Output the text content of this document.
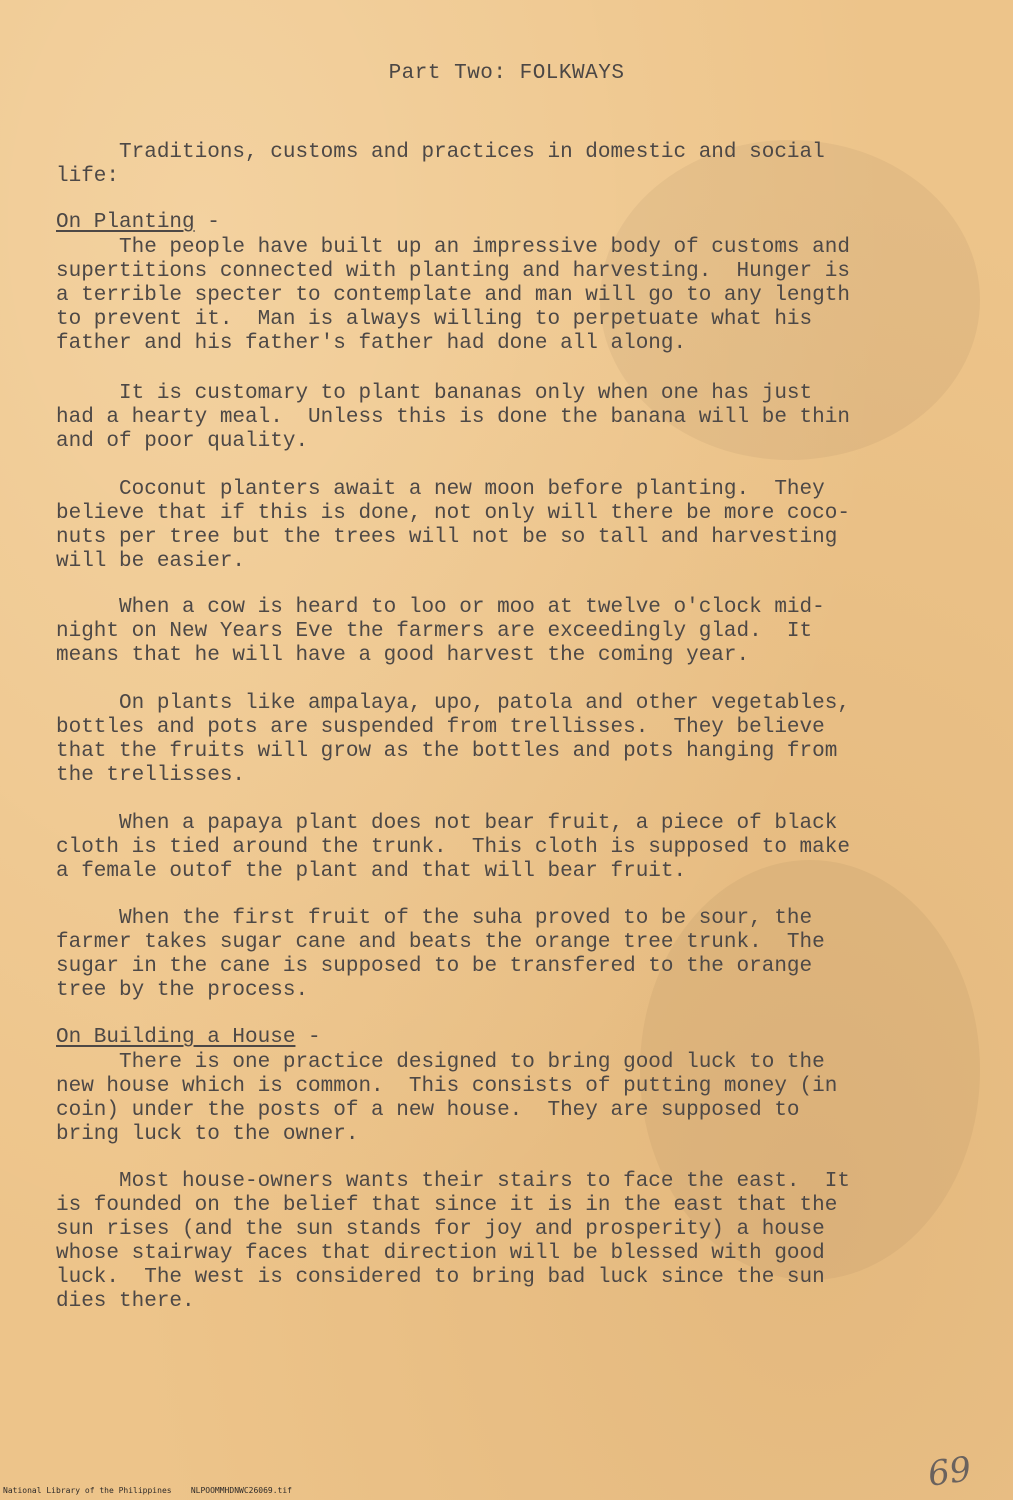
Part Two: FOLKWAYS
Traditions, customs and practices in domestic and social
life:
On Planting -
The people have built up an impressive body of customs and
supertitions connected with planting and harvesting.  Hunger is
a terrible specter to contemplate and man will go to any length
to prevent it.  Man is always willing to perpetuate what his
father and his father's father had done all along.
It is customary to plant bananas only when one has just
had a hearty meal.  Unless this is done the banana will be thin
and of poor quality.
Coconut planters await a new moon before planting.  They
believe that if this is done, not only will there be more coco-
nuts per tree but the trees will not be so tall and harvesting
will be easier.
When a cow is heard to loo or moo at twelve o'clock mid-
night on New Years Eve the farmers are exceedingly glad.  It
means that he will have a good harvest the coming year.
On plants like ampalaya, upo, patola and other vegetables,
bottles and pots are suspended from trellisses.  They believe
that the fruits will grow as the bottles and pots hanging from
the trellisses.
When a papaya plant does not bear fruit, a piece of black
cloth is tied around the trunk.  This cloth is supposed to make
a female outof the plant and that will bear fruit.
When the first fruit of the suha proved to be sour, the
farmer takes sugar cane and beats the orange tree trunk.  The
sugar in the cane is supposed to be transfered to the orange
tree by the process.
On Building a House -
There is one practice designed to bring good luck to the
new house which is common.  This consists of putting money (in
coin) under the posts of a new house.  They are supposed to
bring luck to the owner.
Most house-owners wants their stairs to face the east.  It
is founded on the belief that since it is in the east that the
sun rises (and the sun stands for joy and prosperity) a house
whose stairway faces that direction will be blessed with good
luck.  The west is considered to bring bad luck since the sun
dies there.
69
National Library of the Philippines    NLPOOMMHDNWC26069.tif
